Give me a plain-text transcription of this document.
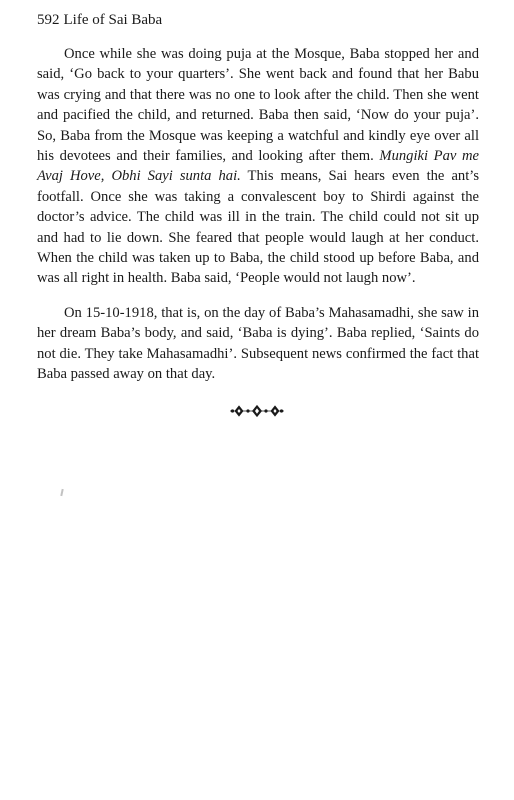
592 Life of Sai Baba

Once while she was doing puja at the Mosque, Baba stopped her and said, ‘Go back to your quarters’. She went back and found that her Babu was crying and that there was no one to look after the child. Then she went and pacified the child, and returned. Baba then said, ‘Now do your puja’. So, Baba from the Mosque was keeping a watchful and kindly eye over all his devotees and their families, and looking after them. Mungiki Pav me Avaj Hove, Obhi Sayi sunta hai. This means, Sai hears even the ant’s footfall. Once she was taking a convalescent boy to Shirdi against the doctor’s advice. The child was ill in the train. The child could not sit up and had to lie down. She feared that people would laugh at her conduct. When the child was taken up to Baba, the child stood up before Baba, and was all right in health. Baba said, ‘People would not laugh now’.

On 15-10-1918, that is, on the day of Baba’s Mahasamadhi, she saw in her dream Baba’s body, and said, ‘Baba is dying’. Baba replied, ‘Saints do not die. They take Mahasamadhi’. Subsequent news confirmed the fact that Baba passed away on that day.
